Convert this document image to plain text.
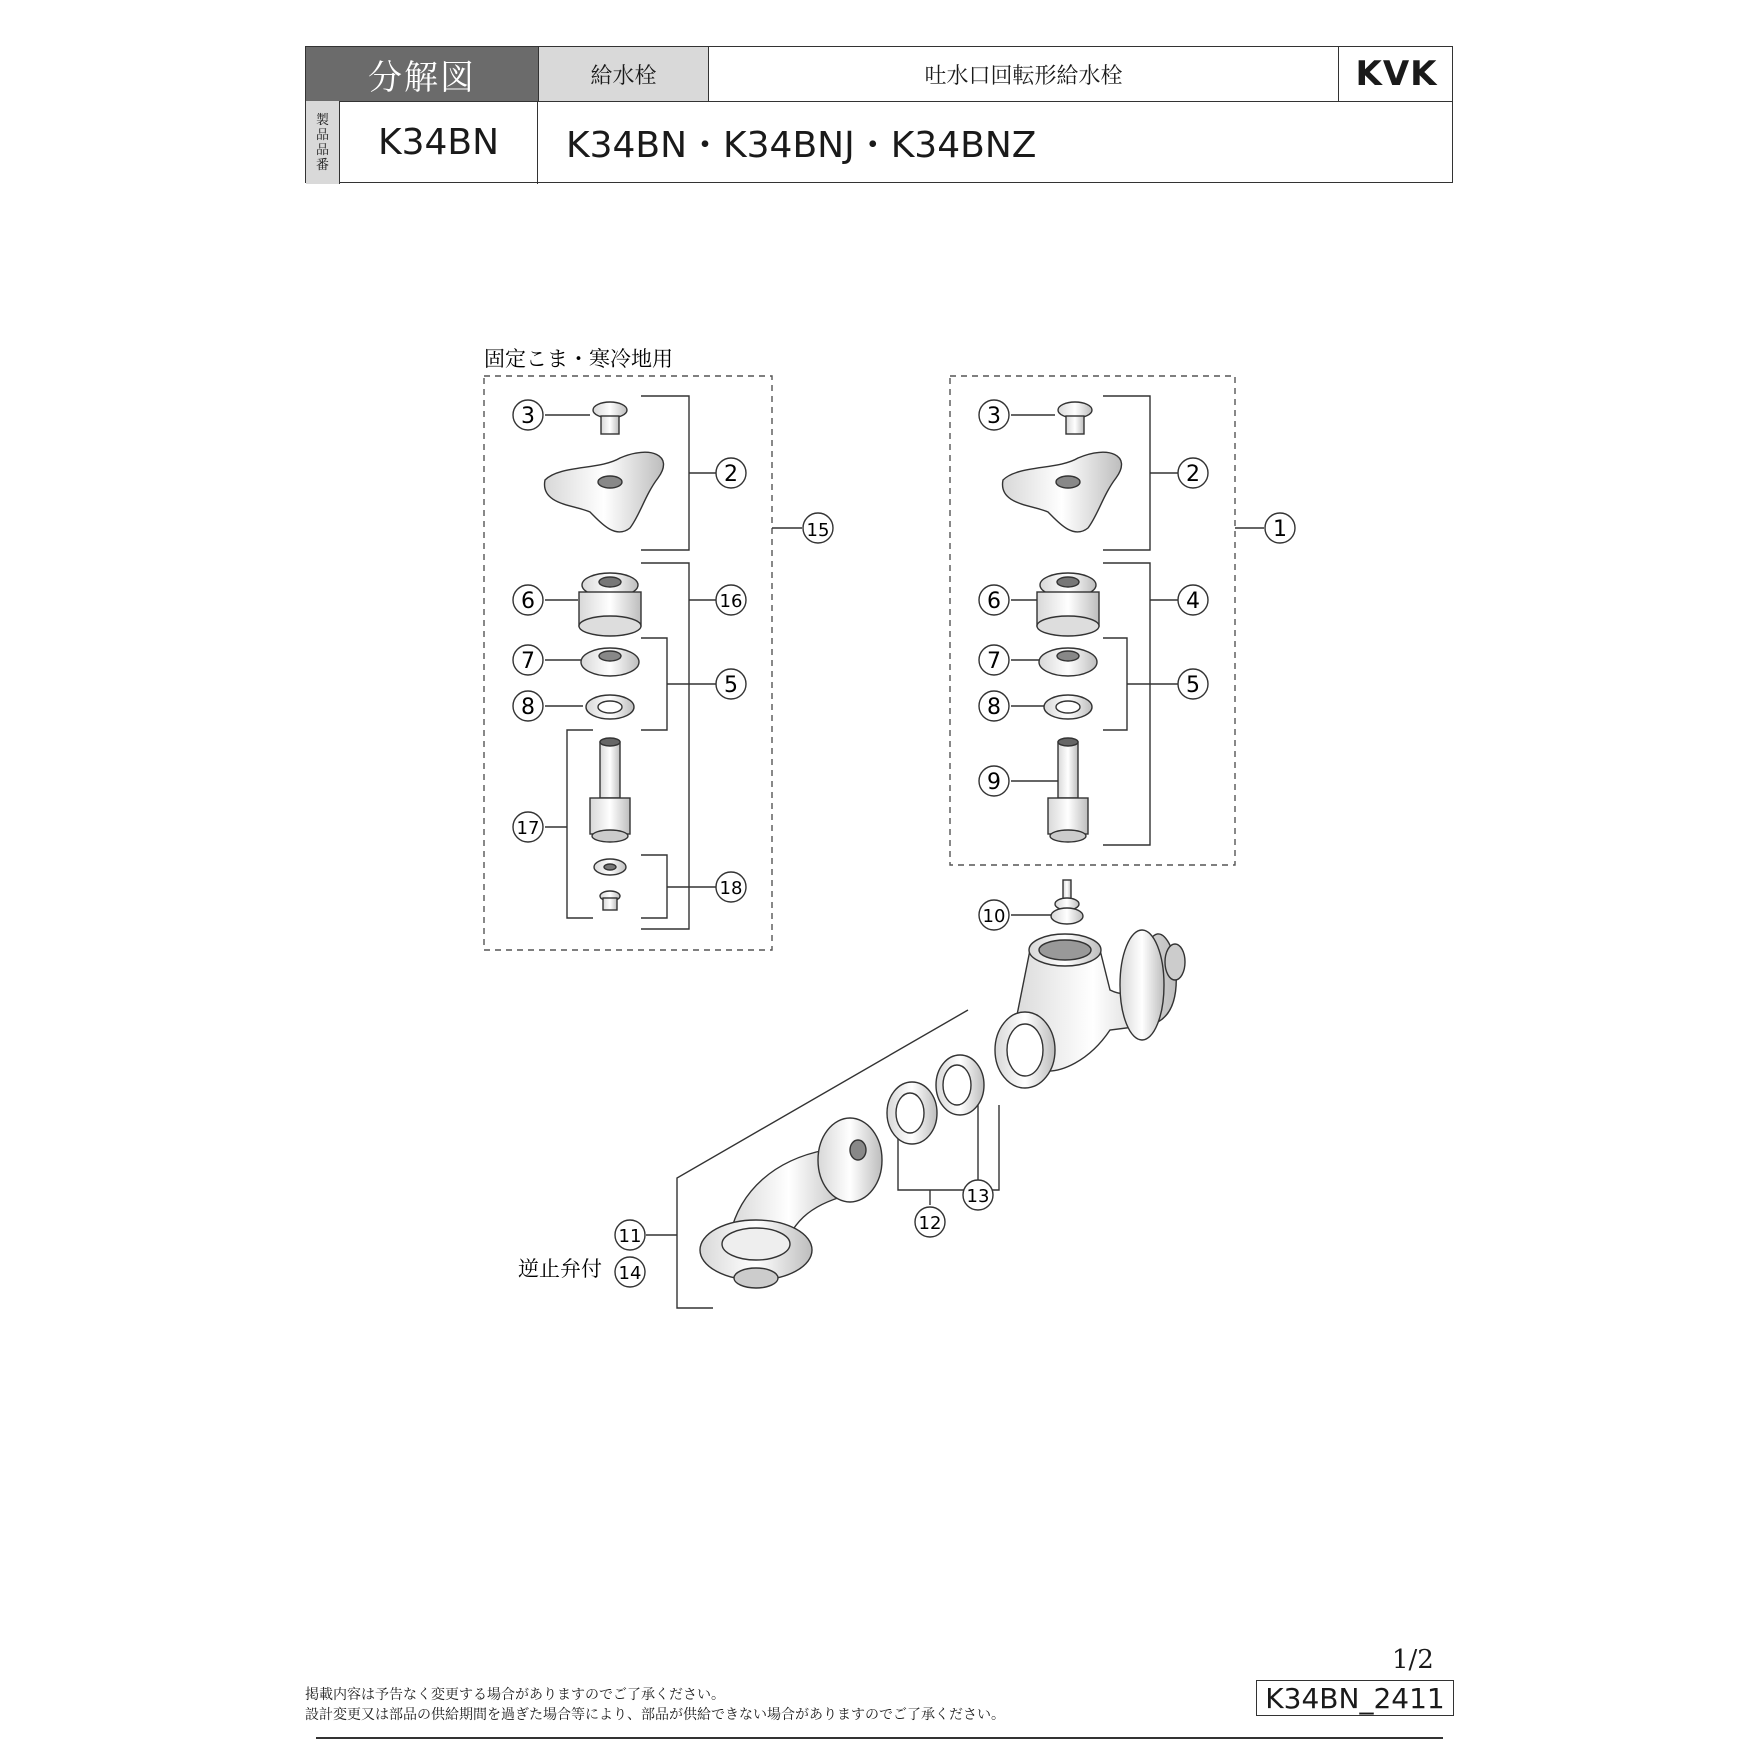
分解図	給水栓	吐水口回転形給水栓	KVK
製
品
品
番
K34BN	K34BN・K34BNJ・K34BNZ
固定こま・寒冷地用
逆止弁付
3
2
15
6	16
7
5
8
17
18
3
2
1
6	4
7
5
8
9
10
11
14
12
13
掲載内容は予告なく変更する場合がありますのでご了承ください。
設計変更又は部品の供給期間を過ぎた場合等により、部品が供給できない場合がありますのでご了承ください。
1/2
K34BN_2411
